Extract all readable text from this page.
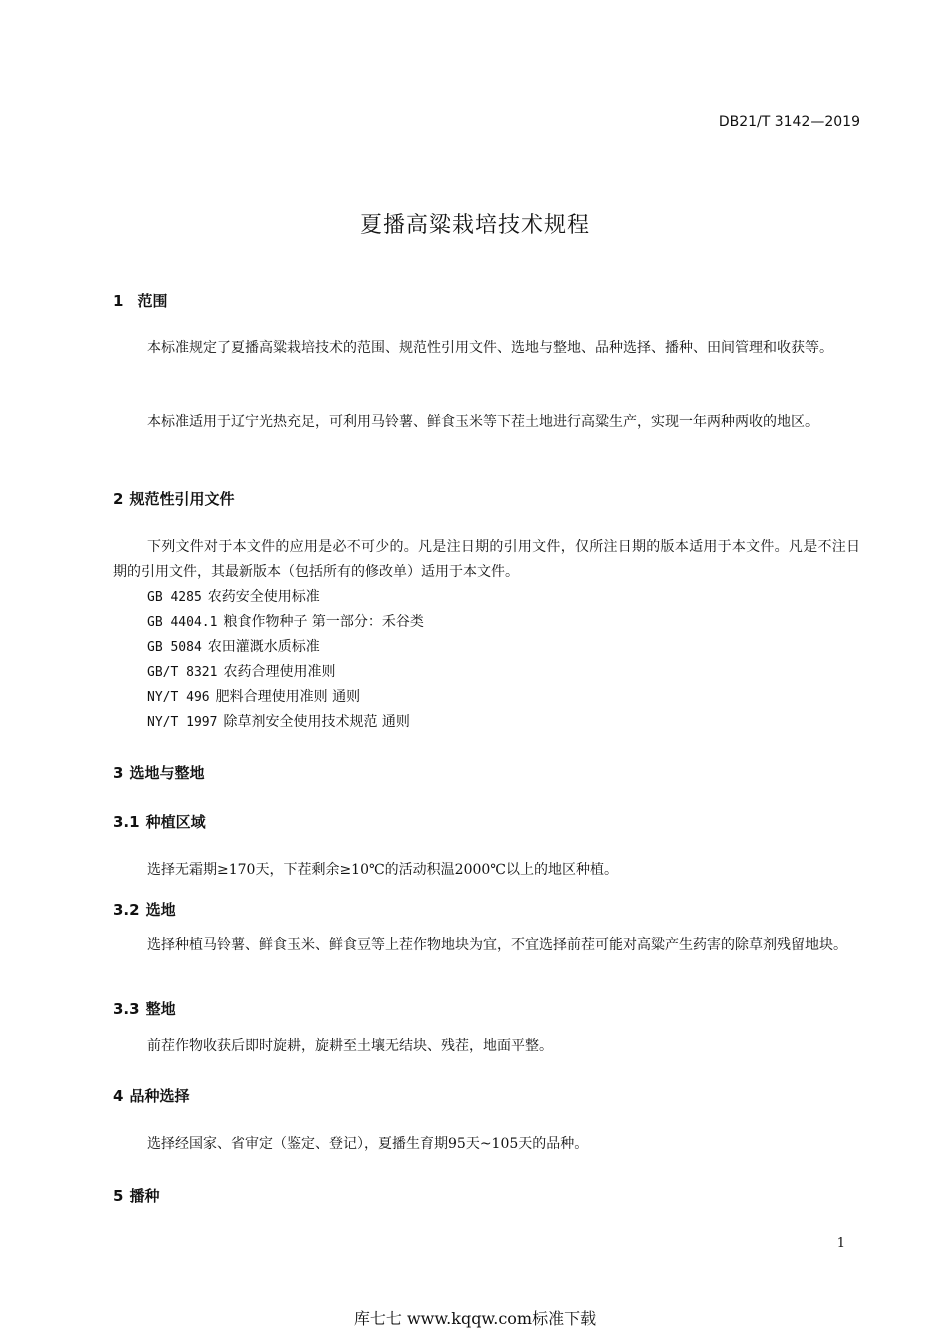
DB21/T 3142—2019
夏播高粱栽培技术规程
1 范围
本标准规定了夏播高粱栽培技术的范围、规范性引用文件、选地与整地、品种选择、播种、田间管理和收获等。
本标准适用于辽宁光热充足，可利用马铃薯、鲜食玉米等下茬土地进行高粱生产，实现一年两种两收的地区。
2 规范性引用文件
下列文件对于本文件的应用是必不可少的。凡是注日期的引用文件，仅所注日期的版本适用于本文件。凡是不注日期的引用文件，其最新版本（包括所有的修改单）适用于本文件。
GB 4285 农药安全使用标准
GB 4404.1 粮食作物种子 第一部分：禾谷类
GB 5084 农田灌溉水质标准
GB/T 8321 农药合理使用准则
NY/T 496 肥料合理使用准则 通则
NY/T 1997 除草剂安全使用技术规范 通则
3 选地与整地
3.1 种植区域
选择无霜期≥170天，下茬剩余≥10℃的活动积温2000℃以上的地区种植。
3.2 选地
选择种植马铃薯、鲜食玉米、鲜食豆等上茬作物地块为宜，不宜选择前茬可能对高粱产生药害的除草剂残留地块。
3.3 整地
前茬作物收获后即时旋耕，旋耕至土壤无结块、残茬，地面平整。
4 品种选择
选择经国家、省审定（鉴定、登记），夏播生育期95天~105天的品种。
5 播种
1
库七七 www.kqqw.com标准下载
